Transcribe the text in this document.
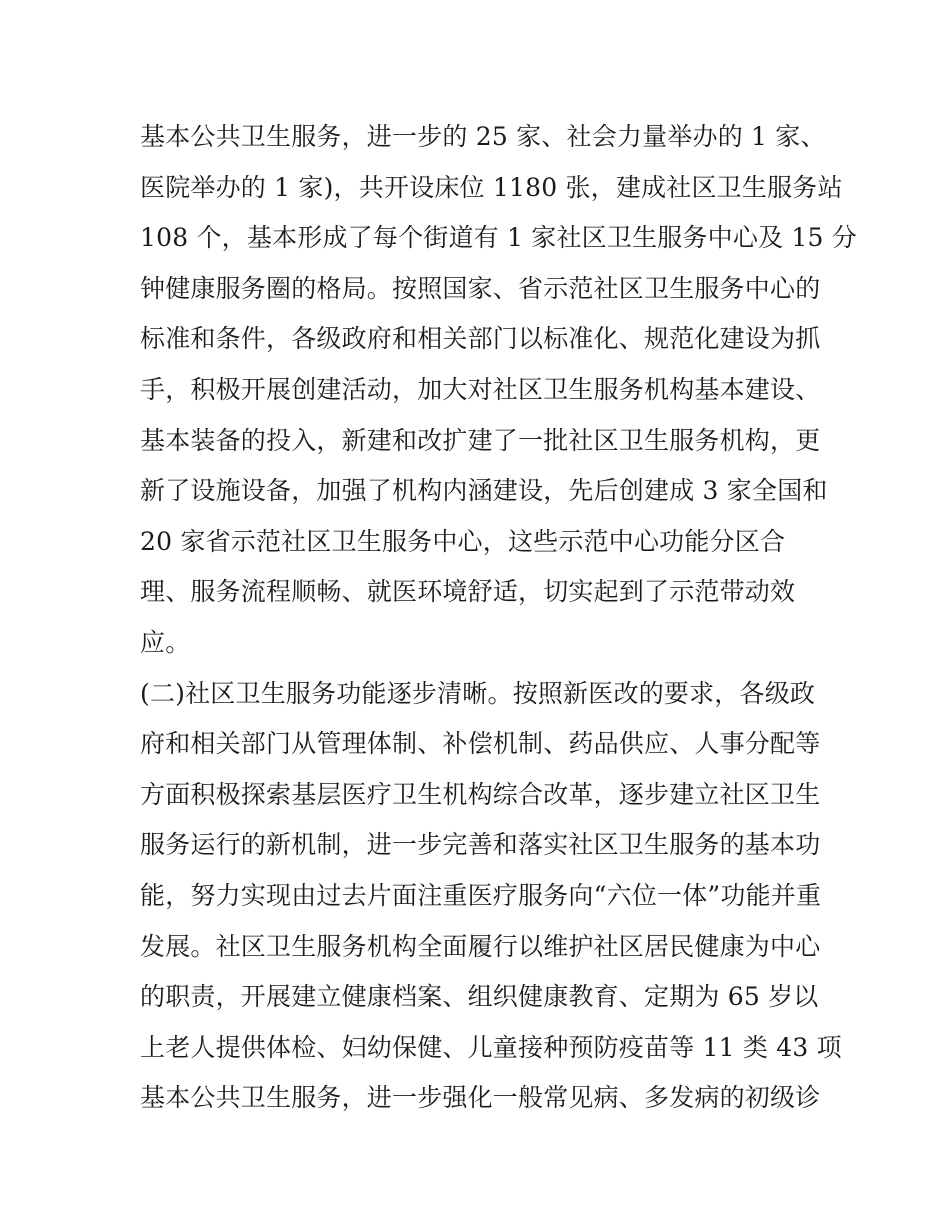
基本公共卫生服务，进一步的 25 家、社会力量举办的 1 家、
医院举办的 1 家)，共开设床位 1180 张，建成社区卫生服务站
108 个，基本形成了每个街道有 1 家社区卫生服务中心及 15 分
钟健康服务圈的格局。按照国家、省示范社区卫生服务中心的
标准和条件，各级政府和相关部门以标准化、规范化建设为抓
手，积极开展创建活动，加大对社区卫生服务机构基本建设、
基本装备的投入，新建和改扩建了一批社区卫生服务机构，更
新了设施设备，加强了机构内涵建设，先后创建成 3 家全国和
20 家省示范社区卫生服务中心，这些示范中心功能分区合
理、服务流程顺畅、就医环境舒适，切实起到了示范带动效
应。
(二)社区卫生服务功能逐步清晰。按照新医改的要求，各级政
府和相关部门从管理体制、补偿机制、药品供应、人事分配等
方面积极探索基层医疗卫生机构综合改革，逐步建立社区卫生
服务运行的新机制，进一步完善和落实社区卫生服务的基本功
能，努力实现由过去片面注重医疗服务向“六位一体”功能并重
发展。社区卫生服务机构全面履行以维护社区居民健康为中心
的职责，开展建立健康档案、组织健康教育、定期为 65 岁以
上老人提供体检、妇幼保健、儿童接种预防疫苗等 11 类 43 项
基本公共卫生服务，进一步强化一般常见病、多发病的初级诊
